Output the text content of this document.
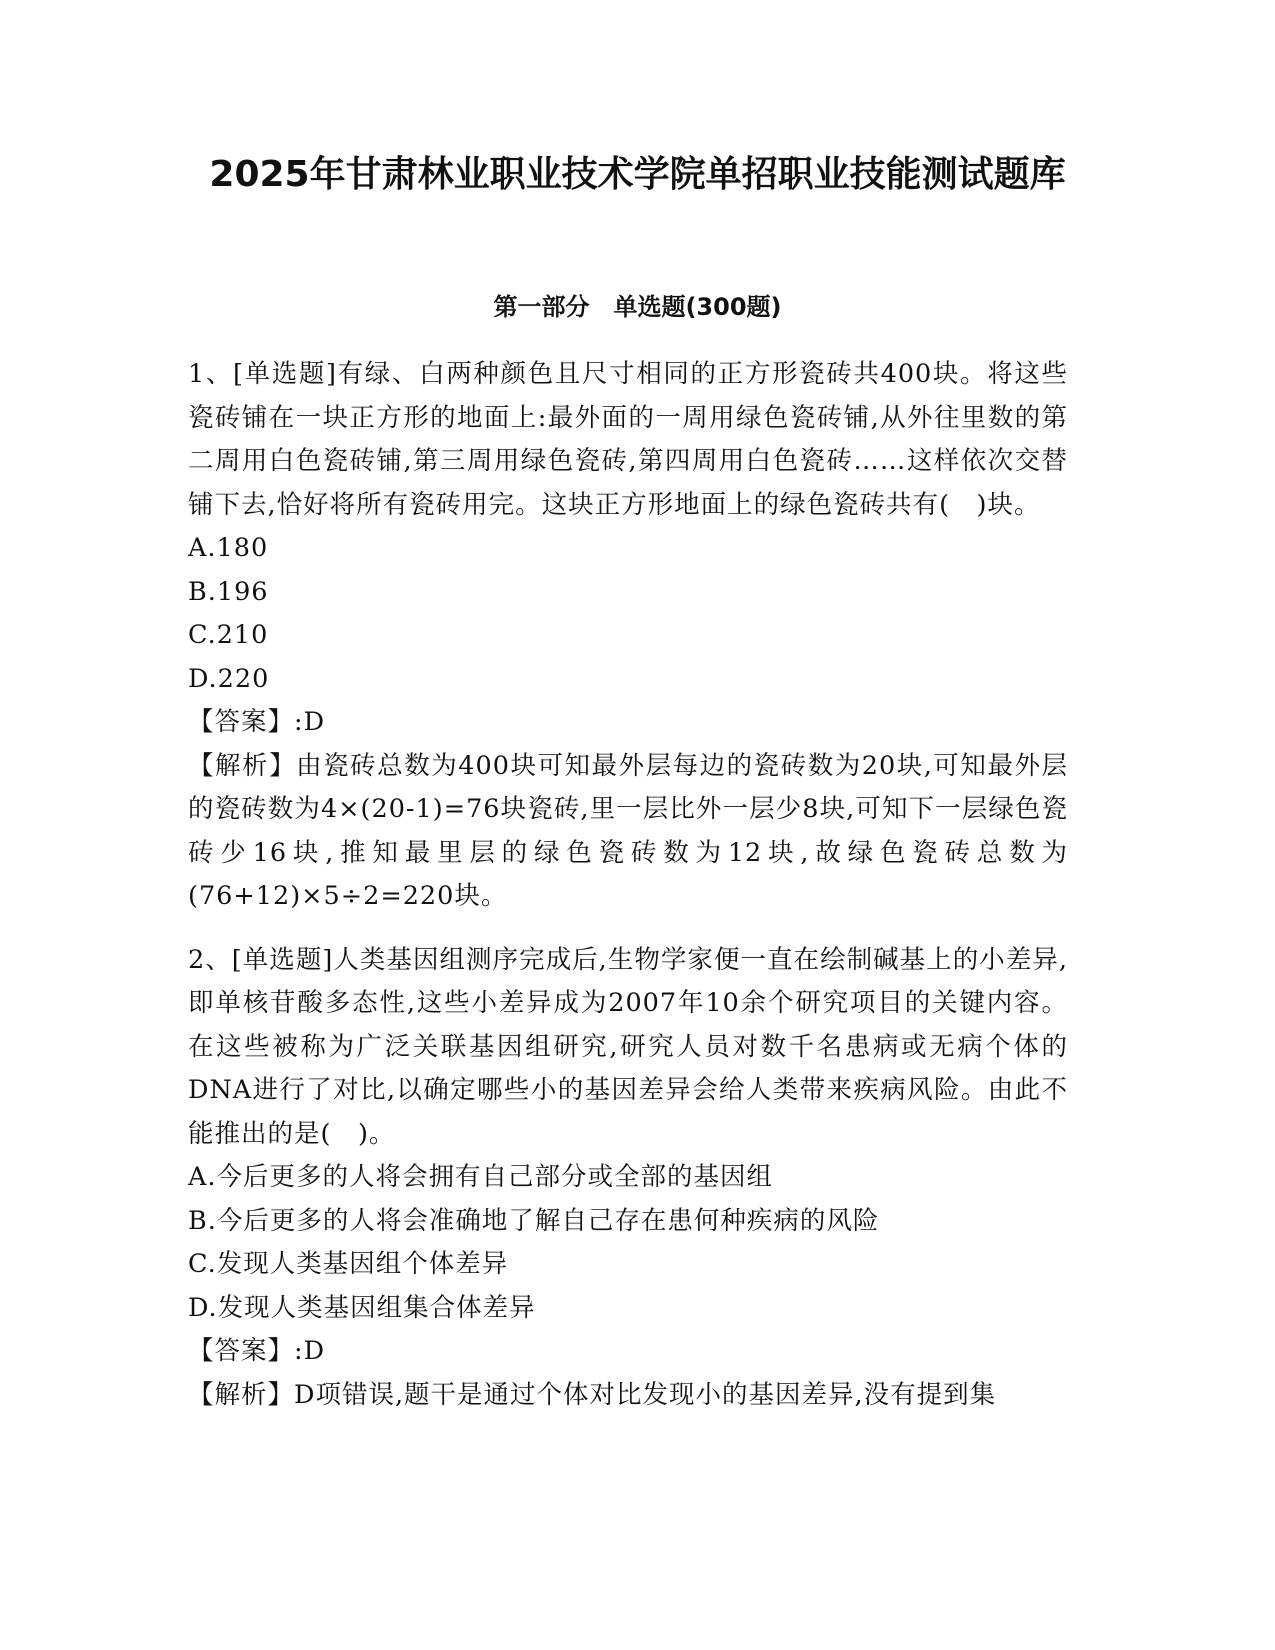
2025年甘肃林业职业技术学院单招职业技能测试题库
第一部分　单选题(300题)

1、[单选题]有绿、白两种颜色且尺寸相同的正方形瓷砖共400块。将这些瓷砖铺在一块正方形的地面上:最外面的一周用绿色瓷砖铺,从外往里数的第二周用白色瓷砖铺,第三周用绿色瓷砖,第四周用白色瓷砖……这样依次交替铺下去,恰好将所有瓷砖用完。这块正方形地面上的绿色瓷砖共有(　)块。

A.180

B.196

C.210

D.220

【答案】:D

【解析】由瓷砖总数为400块可知最外层每边的瓷砖数为20块,可知最外层的瓷砖数为4×(20-1)=76块瓷砖,里一层比外一层少8块,可知下一层绿色瓷砖少16块,推知最里层的绿色瓷砖数为12块,故绿色瓷砖总数为(76+12)×5÷2=220块。

2、[单选题]人类基因组测序完成后,生物学家便一直在绘制碱基上的小差异,即单核苷酸多态性,这些小差异成为2007年10余个研究项目的关键内容。在这些被称为广泛关联基因组研究,研究人员对数千名患病或无病个体的DNA进行了对比,以确定哪些小的基因差异会给人类带来疾病风险。由此不能推出的是(　)。

A.今后更多的人将会拥有自己部分或全部的基因组

B.今后更多的人将会准确地了解自己存在患何种疾病的风险

C.发现人类基因组个体差异

D.发现人类基因组集合体差异

【答案】:D

【解析】D项错误,题干是通过个体对比发现小的基因差异,没有提到集
